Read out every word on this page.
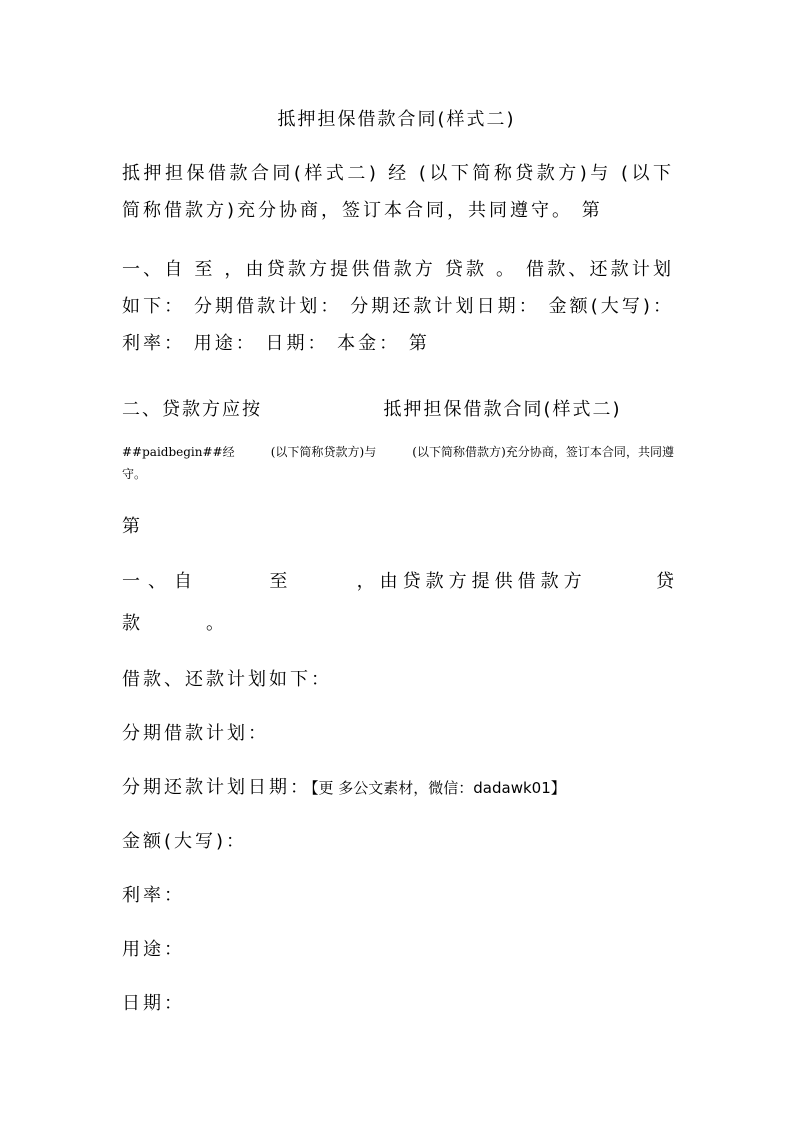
抵押担保借款合同(样式二)
抵押担保借款合同(样式二) 经 (以下简称贷款方)与 (以下简称借款方)充分协商，签订本合同，共同遵守。 第
一、自 至 ，由贷款方提供借款方 贷款 。 借款、还款计划如下： 分期借款计划： 分期还款计划日期： 金额(大写)： 利率： 用途： 日期： 本金： 第
二、贷款方应按	抵押担保借款合同(样式二)
##paidbegin##经　　　(以下简称贷款方)与　　　(以下简称借款方)充分协商，签订本合同，共同遵守。
第
一、自	至	，由贷款方提供借款方	贷
款　　　。
借款、还款计划如下：
分期借款计划：
分期还款计划日期：【更 多公文素材，微信：dadawk01】
金额(大写)：
利率：
用途：
日期：
